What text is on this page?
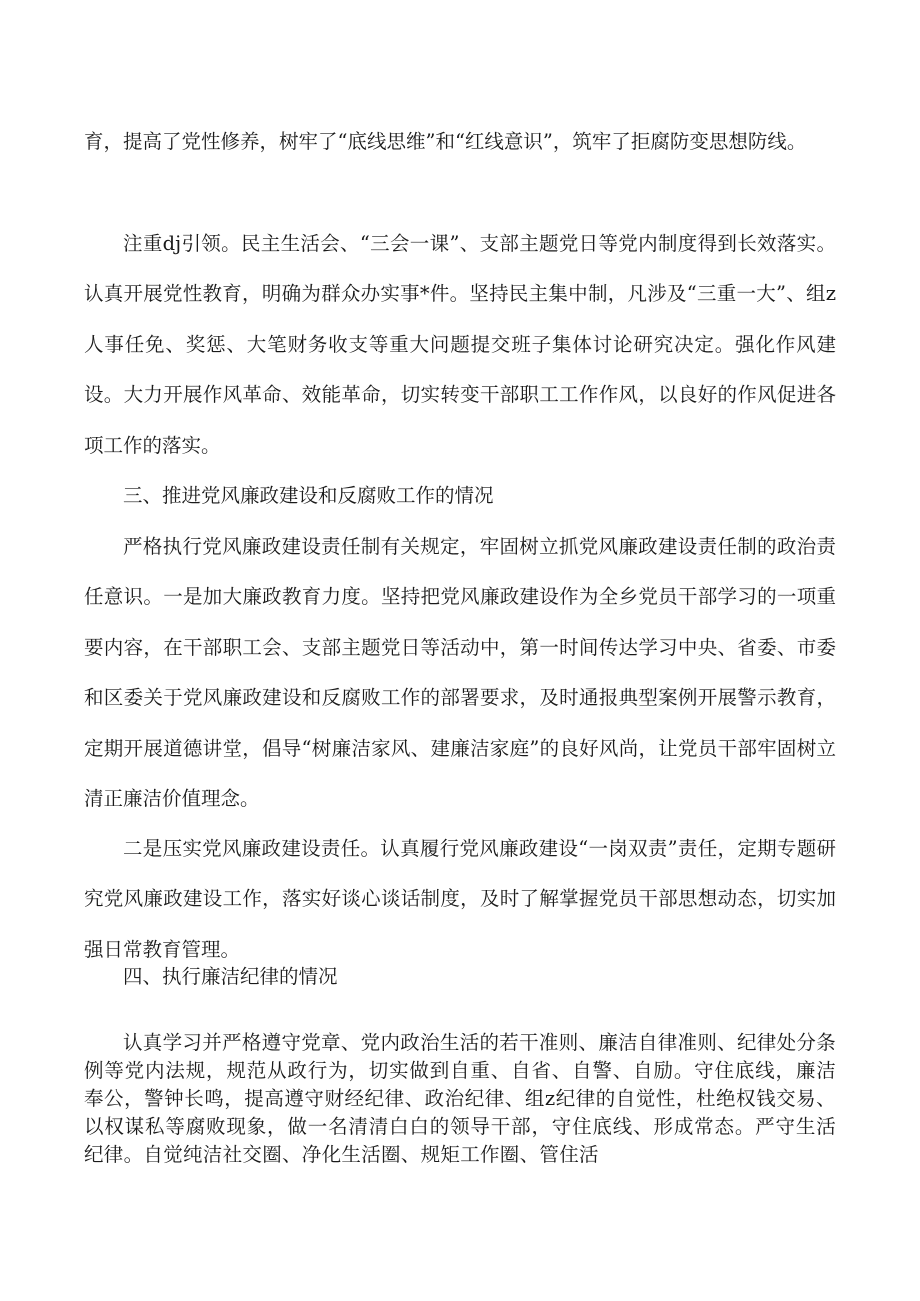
育，提高了党性修养，树牢了“底线思维”和“红线意识”，筑牢了拒腐防变思想防线。

注重dj引领。民主生活会、“三会一课”、支部主题党日等党内制度得到长效落实。认真开展党性教育，明确为群众办实事*件。坚持民主集中制，凡涉及“三重一大”、组z人事任免、奖惩、大笔财务收支等重大问题提交班子集体讨论研究决定。强化作风建设。大力开展作风革命、效能革命，切实转变干部职工工作作风，以良好的作风促进各项工作的落实。

三、推进党风廉政建设和反腐败工作的情况

严格执行党风廉政建设责任制有关规定，牢固树立抓党风廉政建设责任制的政治责任意识。一是加大廉政教育力度。坚持把党风廉政建设作为全乡党员干部学习的一项重要内容，在干部职工会、支部主题党日等活动中，第一时间传达学习中央、省委、市委和区委关于党风廉政建设和反腐败工作的部署要求，及时通报典型案例开展警示教育，定期开展道德讲堂，倡导“树廉洁家风、建廉洁家庭”的良好风尚，让党员干部牢固树立清正廉洁价值理念。

二是压实党风廉政建设责任。认真履行党风廉政建设“一岗双责”责任，定期专题研究党风廉政建设工作，落实好谈心谈话制度，及时了解掌握党员干部思想动态，切实加强日常教育管理。

四、执行廉洁纪律的情况

认真学习并严格遵守党章、党内政治生活的若干准则、廉洁自律准则、纪律处分条例等党内法规，规范从政行为，切实做到自重、自省、自警、自励。守住底线，廉洁奉公，警钟长鸣，提高遵守财经纪律、政治纪律、组z纪律的自觉性，杜绝权钱交易、以权谋私等腐败现象，做一名清清白白的领导干部，守住底线、形成常态。严守生活纪律。自觉纯洁社交圈、净化生活圈、规矩工作圈、管住活
